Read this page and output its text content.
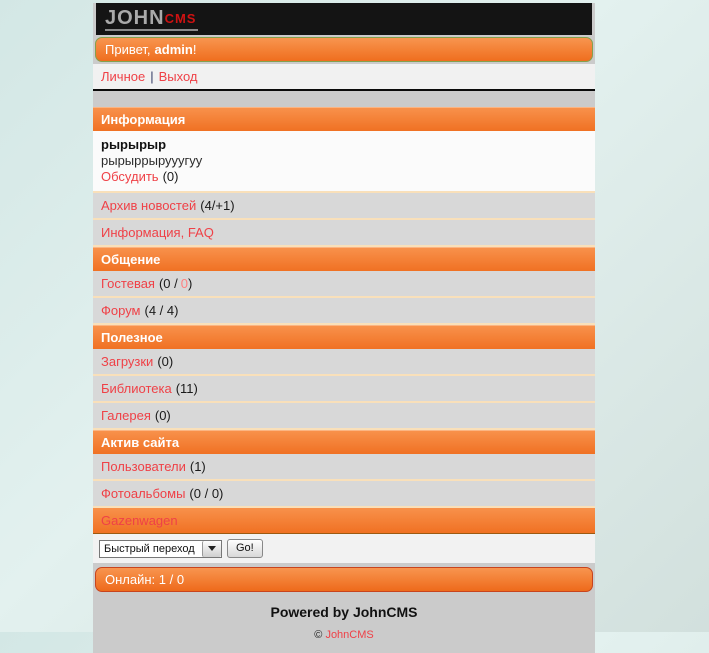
JOHNCMS
Привет, admin!
Личное | Выход
Информация
рырырыр
рырыррырууугуу
Обсудить (0)
Архив новостей (4/+1)
Информация, FAQ
Общение
Гостевая (0 / 0)
Форум (4 / 4)
Полезное
Загрузки (0)
Библиотека (11)
Галерея (0)
Актив сайта
Пользователи (1)
Фотоальбомы (0 / 0)
Gazenwagen
Быстрый переход
Go!
Онлайн: 1 / 0
Powered by JohnCMS
© JohnCMS
